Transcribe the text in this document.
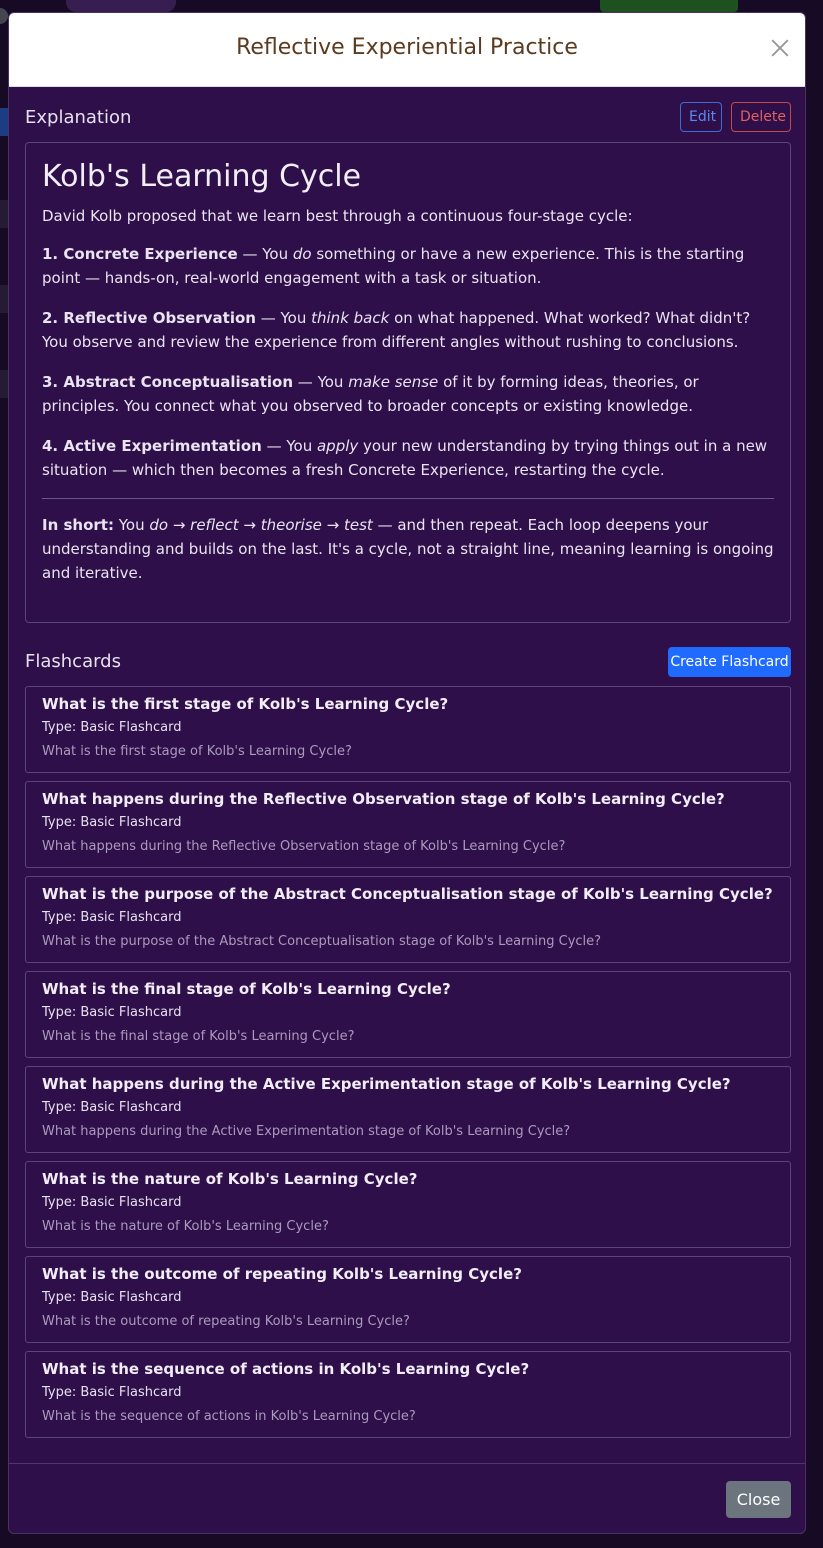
Reflective Experiential Practice
Explanation	Edit	Delete
Kolb's Learning Cycle

David Kolb proposed that we learn best through a continuous four-stage cycle:

1. Concrete Experience — You do something or have a new experience. This is the starting point — hands-on, real-world engagement with a task or situation.

2. Reflective Observation — You think back on what happened. What worked? What didn't? You observe and review the experience from different angles without rushing to conclusions.

3. Abstract Conceptualisation — You make sense of it by forming ideas, theories, or principles. You connect what you observed to broader concepts or existing knowledge.

4. Active Experimentation — You apply your new understanding by trying things out in a new situation — which then becomes a fresh Concrete Experience, restarting the cycle.

In short: You do → reflect → theorise → test — and then repeat. Each loop deepens your understanding and builds on the last. It's a cycle, not a straight line, meaning learning is ongoing and iterative.

Flashcards	Create Flashcard
What is the first stage of Kolb's Learning Cycle?
Type: Basic Flashcard
What is the first stage of Kolb's Learning Cycle?
What happens during the Reflective Observation stage of Kolb's Learning Cycle?
Type: Basic Flashcard
What happens during the Reflective Observation stage of Kolb's Learning Cycle?
What is the purpose of the Abstract Conceptualisation stage of Kolb's Learning Cycle?
Type: Basic Flashcard
What is the purpose of the Abstract Conceptualisation stage of Kolb's Learning Cycle?
What is the final stage of Kolb's Learning Cycle?
Type: Basic Flashcard
What is the final stage of Kolb's Learning Cycle?
What happens during the Active Experimentation stage of Kolb's Learning Cycle?
Type: Basic Flashcard
What happens during the Active Experimentation stage of Kolb's Learning Cycle?
What is the nature of Kolb's Learning Cycle?
Type: Basic Flashcard
What is the nature of Kolb's Learning Cycle?
What is the outcome of repeating Kolb's Learning Cycle?
Type: Basic Flashcard
What is the outcome of repeating Kolb's Learning Cycle?
What is the sequence of actions in Kolb's Learning Cycle?
Type: Basic Flashcard
What is the sequence of actions in Kolb's Learning Cycle?
Close
